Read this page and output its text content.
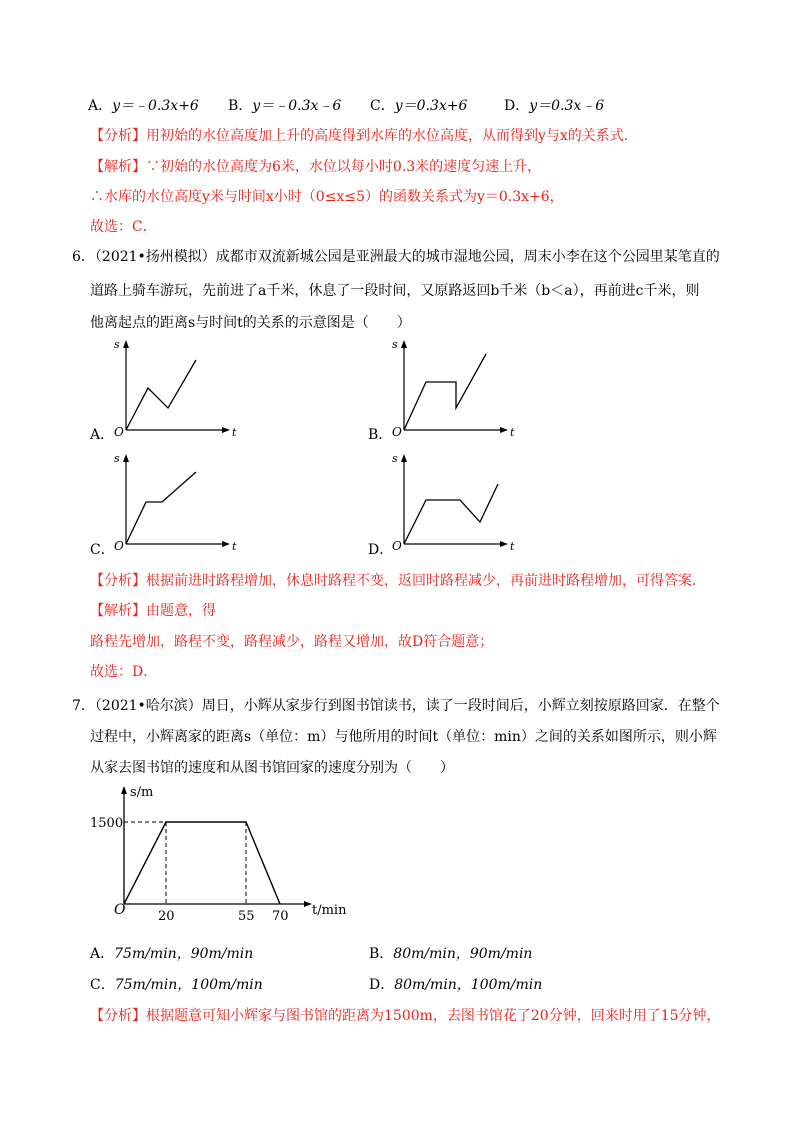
A．y＝﹣0.3x+6 B．y＝﹣0.3x﹣6 C．y＝0.3x+6	D．y＝0.3x﹣6
【分析】用初始的水位高度加上升的高度得到水库的水位高度，从而得到y与x的关系式．
【解析】∵初始的水位高度为6米，水位以每小时0.3米的速度匀速上升，
∴水库的水位高度y米与时间x小时（0≤x≤5）的函数关系式为y＝0.3x+6，
故选：C．
6．（2021•扬州模拟）成都市双流新城公园是亚洲最大的城市湿地公园，周末小李在这个公园里某笔直的
道路上骑车游玩，先前进了a千米，休息了一段时间，又原路返回b千米（b＜a），再前进c千米，则
他离起点的距离s与时间t的关系的示意图是（　　）
A．
s
t
O	B．
s
t
O
C．
s
t
O	D．
s
t
O
【分析】根据前进时路程增加，休息时路程不变，返回时路程减少，再前进时路程增加，可得答案．
【解析】由题意，得
路程先增加，路程不变，路程减少，路程又增加，故D符合题意；
故选：D．
7．（2021•哈尔滨）周日，小辉从家步行到图书馆读书，读了一段时间后，小辉立刻按原路回家．在整个
过程中，小辉离家的距离s（单位：m）与他所用的时间t（单位：min）之间的关系如图所示，则小辉
从家去图书馆的速度和从图书馆回家的速度分别为（　　）
s/m
t/min
1500
O	20	55 70
A．75m/min，90m/min	B．80m/min，90m/min
C．75m/min，100m/min	D．80m/min，100m/min
【分析】根据题意可知小辉家与图书馆的距离为1500m，去图书馆花了20分钟，回来时用了15分钟，
